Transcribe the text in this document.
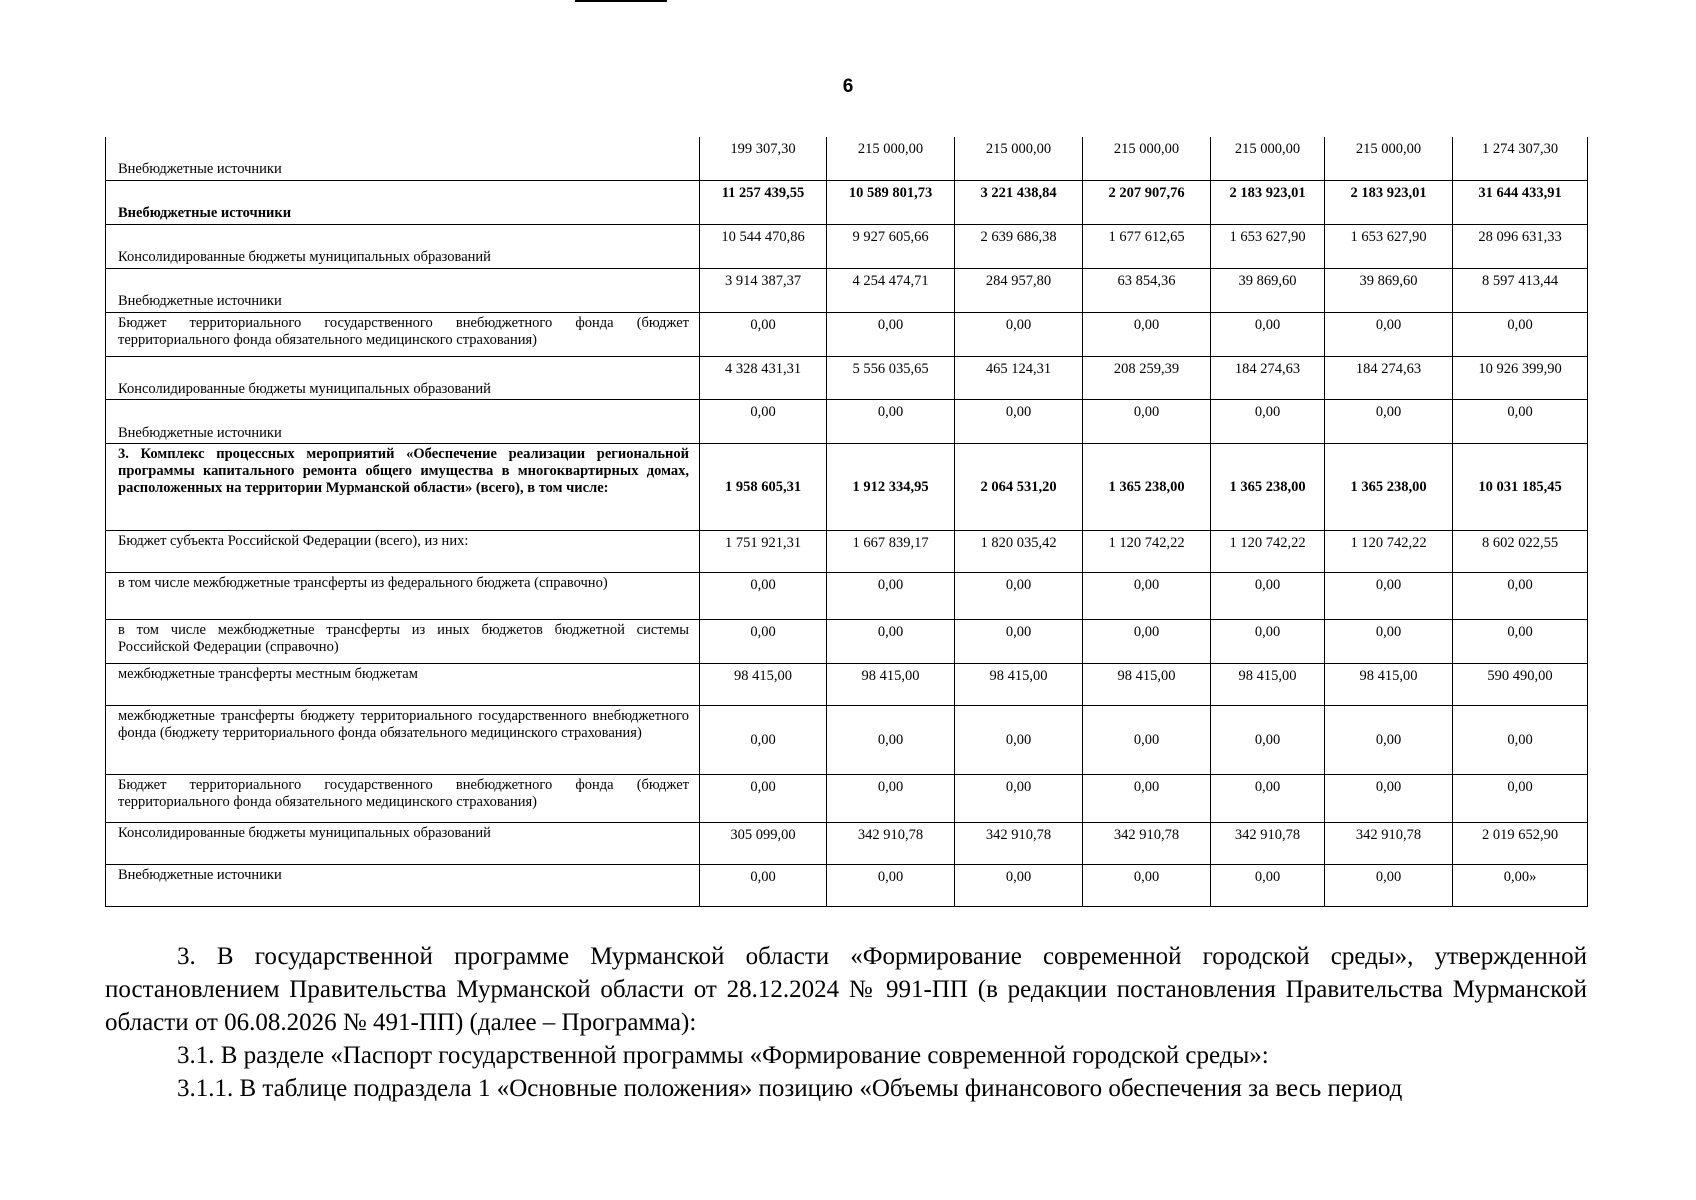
6
Внебюджетные источники	199 307,30	215 000,00	215 000,00	215 000,00	215 000,00	215 000,00	1 274 307,30
Внебюджетные источники	11 257 439,55	10 589 801,73	3 221 438,84	2 207 907,76	2 183 923,01	2 183 923,01	31 644 433,91
Консолидированные бюджеты муниципальных образований	10 544 470,86	9 927 605,66	2 639 686,38	1 677 612,65	1 653 627,90	1 653 627,90	28 096 631,33
Внебюджетные источники	3 914 387,37	4 254 474,71	284 957,80	63 854,36	39 869,60	39 869,60	8 597 413,44
Бюджет территориального государственного внебюджетного фонда (бюджет территориального фонда обязательного медицинского страхования)	0,00	0,00	0,00	0,00	0,00	0,00	0,00
Консолидированные бюджеты муниципальных образований	4 328 431,31	5 556 035,65	465 124,31	208 259,39	184 274,63	184 274,63	10 926 399,90
Внебюджетные источники	0,00	0,00	0,00	0,00	0,00	0,00	0,00
3. Комплекс процессных мероприятий «Обеспечение реализации региональной программы капитального ремонта общего имущества в многоквартирных домах, расположенных на территории Мурманской области» (всего), в том числе:	1 958 605,31	1 912 334,95	2 064 531,20	1 365 238,00	1 365 238,00	1 365 238,00	10 031 185,45
Бюджет субъекта Российской Федерации (всего), из них:	1 751 921,31	1 667 839,17	1 820 035,42	1 120 742,22	1 120 742,22	1 120 742,22	8 602 022,55
в том числе межбюджетные трансферты из федерального бюджета (справочно)	0,00	0,00	0,00	0,00	0,00	0,00	0,00
в том числе межбюджетные трансферты из иных бюджетов бюджетной системы Российской Федерации (справочно)	0,00	0,00	0,00	0,00	0,00	0,00	0,00
межбюджетные трансферты местным бюджетам	98 415,00	98 415,00	98 415,00	98 415,00	98 415,00	98 415,00	590 490,00
межбюджетные трансферты бюджету территориального государственного внебюджетного фонда (бюджету территориального фонда обязательного медицинского страхования)	0,00	0,00	0,00	0,00	0,00	0,00	0,00
Бюджет территориального государственного внебюджетного фонда (бюджет территориального фонда обязательного медицинского страхования)	0,00	0,00	0,00	0,00	0,00	0,00	0,00
Консолидированные бюджеты муниципальных образований	305 099,00	342 910,78	342 910,78	342 910,78	342 910,78	342 910,78	2 019 652,90
Внебюджетные источники	0,00	0,00	0,00	0,00	0,00	0,00	0,00»

3. В государственной программе Мурманской области «Формирование современной городской среды», утвержденной постановлением Правительства Мурманской области от 28.12.2024 № 991-ПП (в редакции постановления Правительства Мурманской области от 06.08.2026 № 491-ПП) (далее – Программа):

3.1. В разделе «Паспорт государственной программы «Формирование современной городской среды»:

3.1.1. В таблице подраздела 1 «Основные положения» позицию «Объемы финансового обеспечения за весь период
